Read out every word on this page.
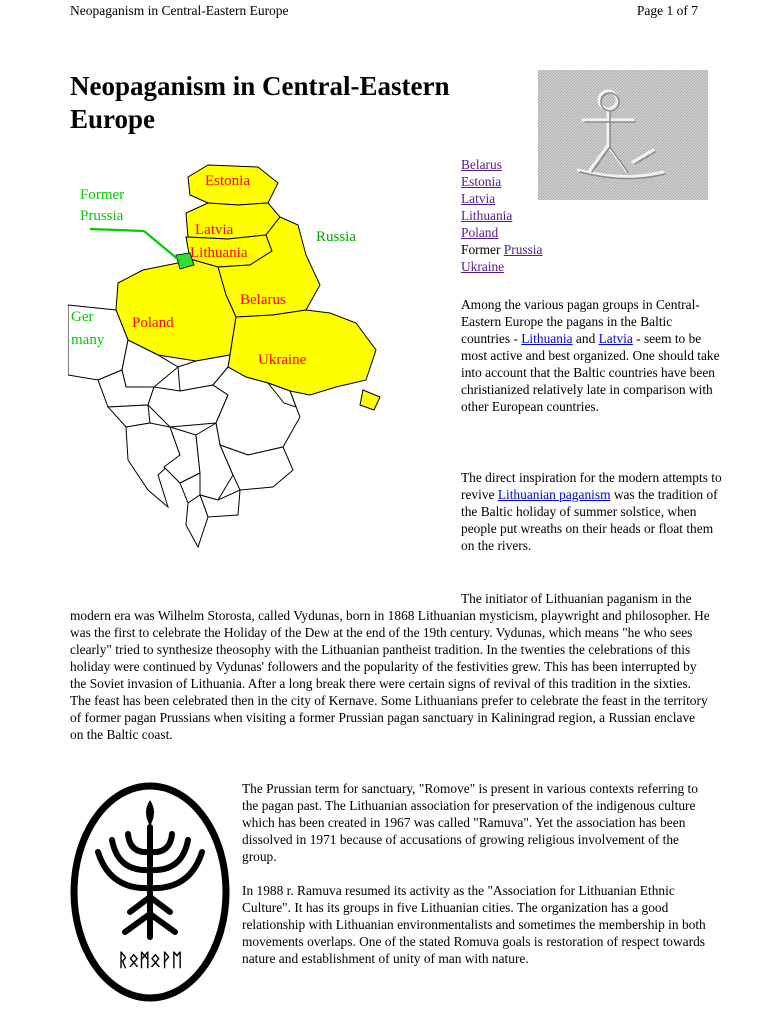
Neopaganism in Central-Eastern Europe	Page 1 of 7
Neopaganism in Central-Eastern Europe
Estonia
Former
Prussia
Latvia
Lithuania
Russia
Belarus
Ger
many
Poland
Ukraine
Belarus
Estonia
Latvia
Lithuania
Poland
Former Prussia
Ukraine
Among the various pagan groups in Central-Eastern Europe the pagans in the Baltic countries - Lithuania and Latvia - seem to be most active and best organized. One should take into account that the Baltic countries have been christianized relatively late in comparison with other European countries.
The direct inspiration for the modern attempts to revive Lithuanian paganism was the tradition of the Baltic holiday of summer solstice, when people put wreaths on their heads or float them on the rivers.
The initiator of Lithuanian paganism in the modern era was Wilhelm Storosta, called Vydunas, born in 1868 Lithuanian mysticism, playwright and philosopher. He was the first to celebrate the Holiday of the Dew at the end of the 19th century. Vydunas, which means "he who sees clearly" tried to synthesize theosophy with the Lithuanian pantheist tradition. In the twenties the celebrations of this holiday were continued by Vydunas' followers and the popularity of the festivities grew. This has been interrupted by the Soviet invasion of Lithuania. After a long break there were certain signs of revival of this tradition in the sixties. The feast has been celebrated then in the city of Kernave. Some Lithuanians prefer to celebrate the feast in the territory of former pagan Prussians when visiting a former Prussian pagan sanctuary in Kaliningrad region, a Russian enclave on the Baltic coast.
ᚱᛟᛗᛟᚹᛖ
The Prussian term for sanctuary, "Romove" is present in various contexts referring to the pagan past. The Lithuanian association for preservation of the indigenous culture which has been created in 1967 was called "Ramuva". Yet the association has been dissolved in 1971 because of accusations of growing religious involvement of the group.
In 1988 r. Ramuva resumed its activity as the "Association for Lithuanian Ethnic Culture". It has its groups in five Lithuanian cities. The organization has a good relationship with Lithuanian environmentalists and sometimes the membership in both movements overlaps. One of the stated Romuva goals is restoration of respect towards nature and establishment of unity of man with nature.
